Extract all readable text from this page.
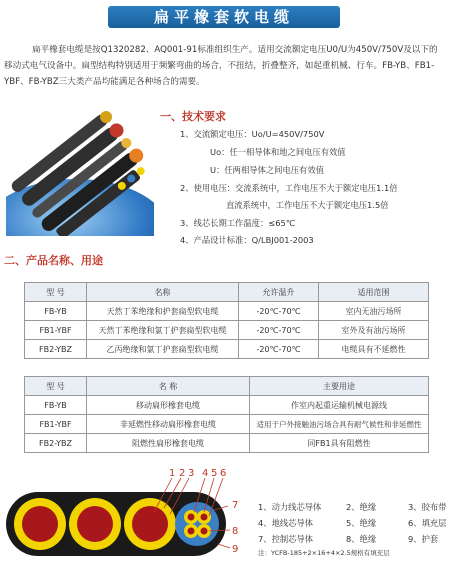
扁平橡套软电缆

扁平橡套电缆是按Q1320282、AQ001-91标准组织生产。适用交流额定电压U0/U为450V/750V及以下的移动式电气设备中。扁型结构特别适用于频繁弯曲的场合，不扭结，折叠整齐，如起重机械、行车。FB-YB、FB1-YBF、FB-YBZ三大类产品均能满足各种场合的需要。

一、技术要求
1、交流额定电压：Uo/U=450V/750V
Uo：任一相导体和地之间电压有效值
U：任两相导体之间电压有效值
2、使用电压：交流系统中，工作电压不大于额定电压1.1倍
直流系统中，工作电压不大于额定电压1.5倍
3、线芯长期工作温度：≤65℃
4、产品设计标准：Q/LBJ001-2003
二、产品名称、用途
型 号	名称	允许温升	适用范围
FB-YB	天然丁苯绝缘和护套扁型软电缆	-20℃-70℃	室内无油污场所
FB1-YBF	天然丁苯绝缘和氯丁护套扁型软电缆	-20℃-70℃	室外及有油污场所
FB2-YBZ	乙丙绝缘和氯丁护套扁型软电缆	-20℃-70℃	电缆具有不延燃性
型 号	名 称	主要用途
FB-YB	移动扁形橡套电缆	作室内起重运输机械电源线
FB1-YBF	非延燃性移动扁形橡套电缆	适用于户外接触油污场合具有耐气候性和非延燃性
FB2-YBZ	阻燃性扁形橡套电缆	同FB1具有阻燃性
1 2 3 4 5 6
7
8
9
1、动力线芯导体	2、绝缘	3、胶布带
4、地线芯导体	5、绝缘	6、填充层
7、控制芯导体	8、绝缘	9、护套
注：YCFB-185+2×16+4×2.5规格有填充层
